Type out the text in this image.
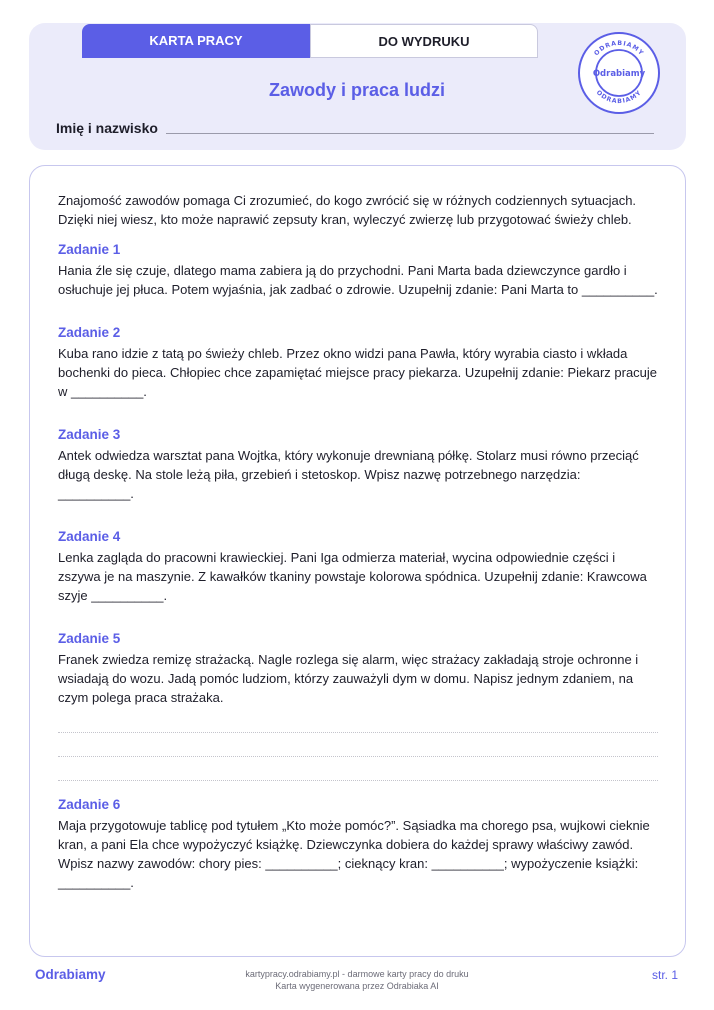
KARTA PRACY	DO WYDRUKU
Zawody i praca ludzi
Imię i nazwisko
ODRABIAMY
ODRABIAMY
Odrabiamy

Znajomość zawodów pomaga Ci zrozumieć, do kogo zwrócić się w różnych codziennych sytuacjach. Dzięki niej wiesz, kto może naprawić zepsuty kran, wyleczyć zwierzę lub przygotować świeży chleb.

Zadanie 1

Hania źle się czuje, dlatego mama zabiera ją do przychodni. Pani Marta bada dziewczynce gardło i osłuchuje jej płuca. Potem wyjaśnia, jak zadbać o zdrowie. Uzupełnij zdanie: Pani Marta to __________.

Zadanie 2

Kuba rano idzie z tatą po świeży chleb. Przez okno widzi pana Pawła, który wyrabia ciasto i wkłada bochenki do pieca. Chłopiec chce zapamiętać miejsce pracy piekarza. Uzupełnij zdanie: Piekarz pracuje w __________.

Zadanie 3

Antek odwiedza warsztat pana Wojtka, który wykonuje drewnianą półkę. Stolarz musi równo przeciąć długą deskę. Na stole leżą piła, grzebień i stetoskop. Wpisz nazwę potrzebnego narzędzia: __________.

Zadanie 4

Lenka zagląda do pracowni krawieckiej. Pani Iga odmierza materiał, wycina odpowiednie części i zszywa je na maszynie. Z kawałków tkaniny powstaje kolorowa spódnica. Uzupełnij zdanie: Krawcowa szyje __________.

Zadanie 5

Franek zwiedza remizę strażacką. Nagle rozlega się alarm, więc strażacy zakładają stroje ochronne i wsiadają do wozu. Jadą pomóc ludziom, którzy zauważyli dym w domu. Napisz jednym zdaniem, na czym polega praca strażaka.

Zadanie 6

Maja przygotowuje tablicę pod tytułem „Kto może pomóc?”. Sąsiadka ma chorego psa, wujkowi cieknie kran, a pani Ela chce wypożyczyć książkę. Dziewczynka dobiera do każdej sprawy właściwy zawód. Wpisz nazwy zawodów: chory pies: __________; cieknący kran: __________; wypożyczenie książki: __________.

Odrabiamy	kartypracy.odrabiamy.pl - darmowe karty pracy do druku
Karta wygenerowana przez Odrabiaka AI
str. 1
